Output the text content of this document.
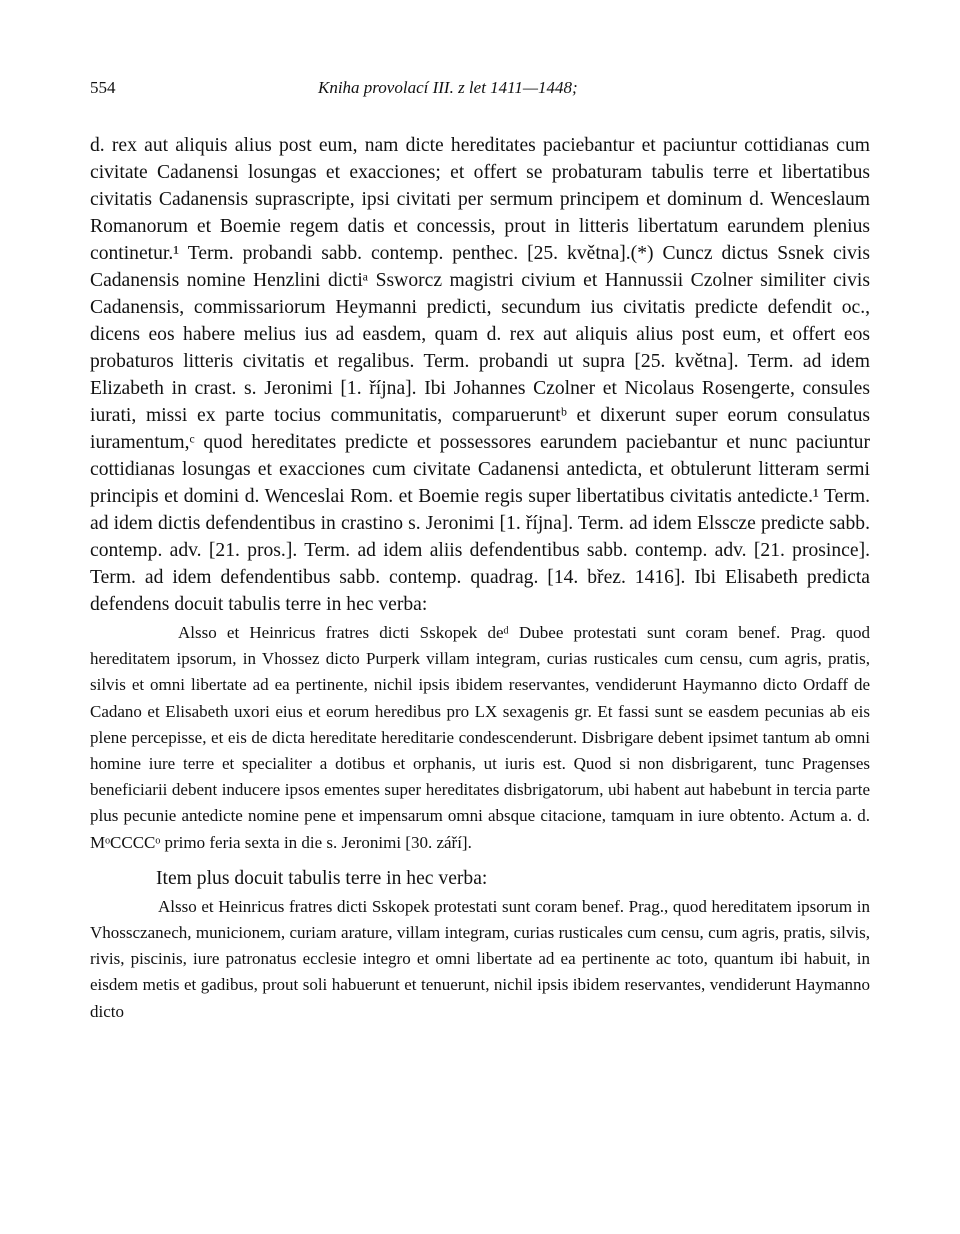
554	Kniha provolací III. z let 1411—1448;

d. rex aut aliquis alius post eum, nam dicte hereditates paciebantur et paciuntur cottidianas cum civitate Cadanensi losungas et exacciones; et offert se probaturam tabulis terre et libertatibus civitatis Cadanensis suprascripte, ipsi civitati per sermum principem et dominum d. Wenceslaum Romanorum et Boemie regem datis et concessis, prout in litteris libertatum earundem plenius continetur.¹ Term. probandi sabb. contemp. penthec. [25. května].(*) Cuncz dictus Ssnek civis Cadanensis nomine Henzlini dictiᵃ Ssworcz magistri civium et Hannussii Czolner similiter civis Cadanensis, commissariorum Heymanni predicti, secundum ius civitatis predicte defendit oc., dicens eos habere melius ius ad easdem, quam d. rex aut aliquis alius post eum, et offert eos probaturos litteris civitatis et regalibus. Term. probandi ut supra [25. května]. Term. ad idem Elizabeth in crast. s. Jeronimi [1. října]. Ibi Johannes Czolner et Nicolaus Rosengerte, consules iurati, missi ex parte tocius communitatis, comparueruntᵇ et dixerunt super eorum consulatus iuramentum,ᶜ quod hereditates predicte et possessores earundem paciebantur et nunc paciuntur cottidianas losungas et exacciones cum civitate Cadanensi antedicta, et obtulerunt litteram sermi principis et domini d. Wenceslai Rom. et Boemie regis super libertatibus civitatis antedicte.¹ Term. ad idem dictis defendentibus in crastino s. Jeronimi [1. října]. Term. ad idem Elsscze predicte sabb. contemp. adv. [21. pros.]. Term. ad idem aliis defendentibus sabb. contemp. adv. [21. prosince]. Term. ad idem defendentibus sabb. contemp. quadrag. [14. břez. 1416]. Ibi Elisabeth predicta defendens docuit tabulis terre in hec verba:

Alsso et Heinricus fratres dicti Sskopek deᵈ Dubee protestati sunt coram benef. Prag. quod hereditatem ipsorum, in Vhossez dicto Purperk villam integram, curias rusticales cum censu, cum agris, pratis, silvis et omni libertate ad ea pertinente, nichil ipsis ibidem reservantes, vendiderunt Haymanno dicto Ordaff de Cadano et Elisabeth uxori eius et eorum heredibus pro LX sexagenis gr. Et fassi sunt se easdem pecunias ab eis plene percepisse, et eis de dicta hereditate hereditarie condescenderunt. Disbrigare debent ipsimet tantum ab omni homine iure terre et specialiter a dotibus et orphanis, ut iuris est. Quod si non disbrigarent, tunc Pragenses beneficiarii debent inducere ipsos ementes super hereditates disbrigatorum, ubi habent aut habebunt in tercia parte plus pecunie antedicte nomine pene et impensarum omni absque citacione, tamquam in iure obtento. Actum a. d. MᵒCCCCᵒ primo feria sexta in die s. Jeronimi [30. září].

Item plus docuit tabulis terre in hec verba:

Alsso et Heinricus fratres dicti Sskopek protestati sunt coram benef. Prag., quod hereditatem ipsorum in Vhossczanech, municionem, curiam arature, villam integram, curias rusticales cum censu, cum agris, pratis, silvis, rivis, piscinis, iure patronatus ecclesie integro et omni libertate ad ea pertinente ac toto, quantum ibi habuit, in eisdem metis et gadibus, prout soli habuerunt et tenuerunt, nichil ipsis ibidem reservantes, vendiderunt Haymanno dicto
